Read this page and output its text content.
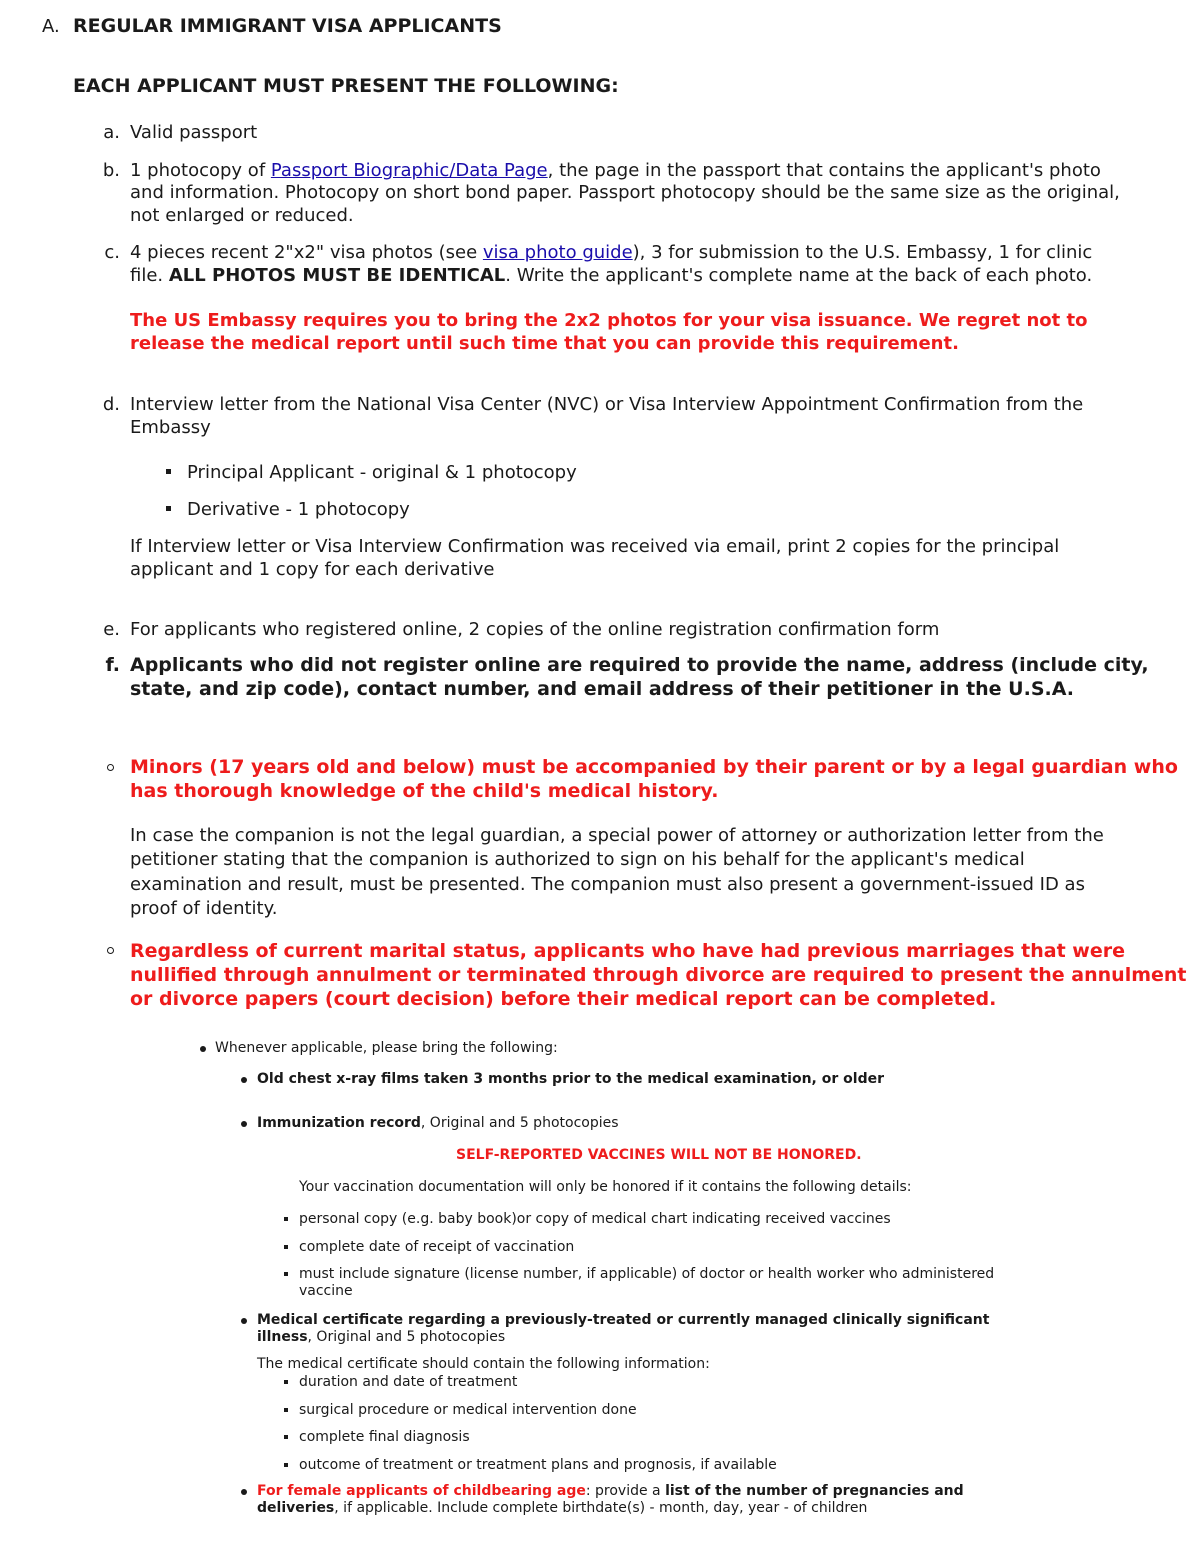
A. REGULAR IMMIGRANT VISA APPLICANTS
EACH APPLICANT MUST PRESENT THE FOLLOWING:
a. Valid passport
b. 1 photocopy of Passport Biographic/Data Page, the page in the passport that contains the applicant's photo
and information. Photocopy on short bond paper. Passport photocopy should be the same size as the original,
not enlarged or reduced.
c. 4 pieces recent 2"x2" visa photos (see visa photo guide), 3 for submission to the U.S. Embassy, 1 for clinic
file. ALL PHOTOS MUST BE IDENTICAL. Write the applicant's complete name at the back of each photo.
The US Embassy requires you to bring the 2x2 photos for your visa issuance. We regret not to
release the medical report until such time that you can provide this requirement.
d. Interview letter from the National Visa Center (NVC) or Visa Interview Appointment Confirmation from the
Embassy
Principal Applicant - original & 1 photocopy
Derivative - 1 photocopy
If Interview letter or Visa Interview Confirmation was received via email, print 2 copies for the principal
applicant and 1 copy for each derivative
e. For applicants who registered online, 2 copies of the online registration confirmation form
f. Applicants who did not register online are required to provide the name, address (include city,
state, and zip code), contact number, and email address of their petitioner in the U.S.A.
Minors (17 years old and below) must be accompanied by their parent or by a legal guardian who
has thorough knowledge of the child's medical history.
In case the companion is not the legal guardian, a special power of attorney or authorization letter from the
petitioner stating that the companion is authorized to sign on his behalf for the applicant's medical
examination and result, must be presented. The companion must also present a government-issued ID as
proof of identity.
Regardless of current marital status, applicants who have had previous marriages that were
nullified through annulment or terminated through divorce are required to present the annulment
or divorce papers (court decision) before their medical report can be completed.
Whenever applicable, please bring the following:
Old chest x-ray films taken 3 months prior to the medical examination, or older
Immunization record, Original and 5 photocopies
SELF-REPORTED VACCINES WILL NOT BE HONORED.
Your vaccination documentation will only be honored if it contains the following details:
personal copy (e.g. baby book)or copy of medical chart indicating received vaccines
complete date of receipt of vaccination
must include signature (license number, if applicable) of doctor or health worker who administered
vaccine
Medical certificate regarding a previously-treated or currently managed clinically significant
illness, Original and 5 photocopies
The medical certificate should contain the following information:
duration and date of treatment
surgical procedure or medical intervention done
complete final diagnosis
outcome of treatment or treatment plans and prognosis, if available
For female applicants of childbearing age: provide a list of the number of pregnancies and
deliveries, if applicable. Include complete birthdate(s) - month, day, year - of children
